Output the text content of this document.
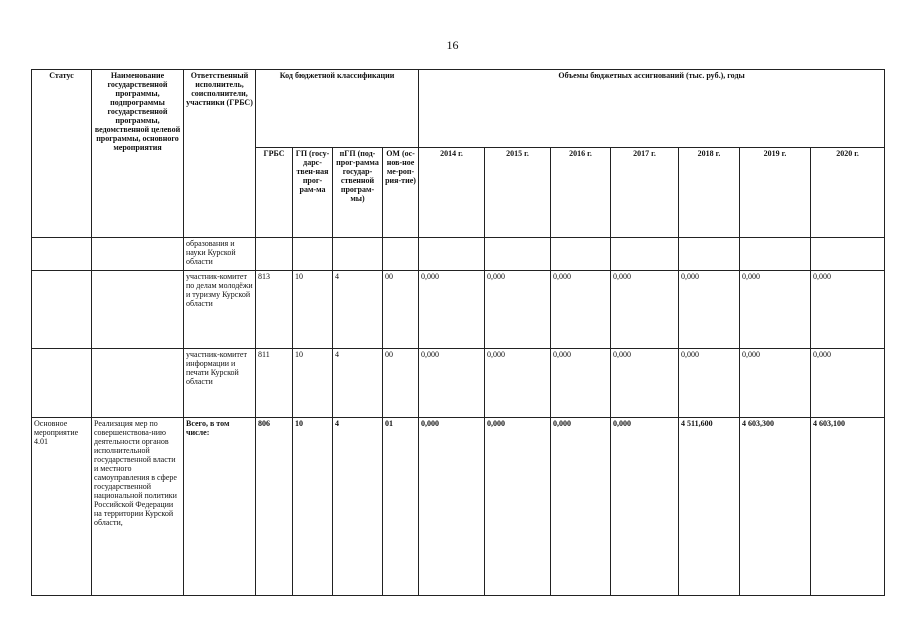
16
Статус	Наименование государственной программы, подпрограммы государственной программы, ведомственной целевой программы, основного мероприятия	Ответственный исполнитель, соисполнители, участники (ГРБС)	Код бюджетной классификации				Объемы бюджетных ассигнований (тыс. руб.), годы						
			ГРБС	ГП (госу-дарс-твен-ная прог-рам-ма	пГП (под-прог-рамма государ-ственной програм-мы)	ОМ (ос-нов-ное ме-роп-рия-тие)	2014 г.	2015 г.	2016 г.	2017 г.	2018 г.	2019 г.	2020 г.
		образования и науки Курской области											
		участник-комитет по делам молодёжи и туризму Курской области	813	10	4	00	0,000	0,000	0,000	0,000	0,000	0,000	0,000
		участник-комитет информации и печати Курской области	811	10	4	00	0,000	0,000	0,000	0,000	0,000	0,000	0,000
Основное мероприятие 4.01	Реализация мер по совершенствова-нию деятельности органов исполнительной государственной власти и местного самоуправления в сфере государственной национальной политики Российской Федерации на территории Курской области,	Всего, в том числе:	806	10	4	01	0,000	0,000	0,000	0,000	4 511,600	4 603,300	4 603,100
